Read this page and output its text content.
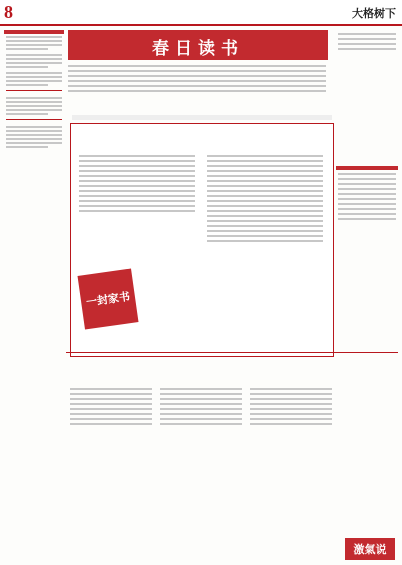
8	大格树下
春日读书
一封家书
激氣说
